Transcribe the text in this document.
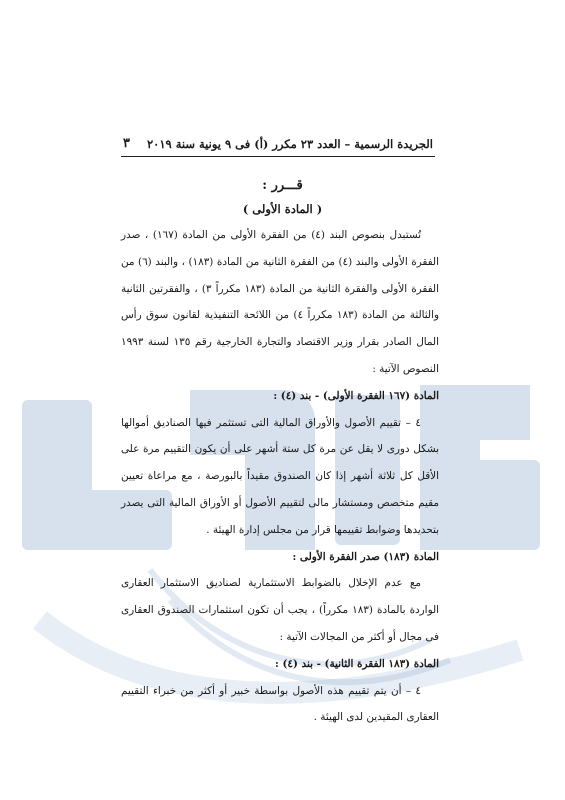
الجريدة الرسمية – العدد ٢٣ مكرر (أ) فى ٩ يونية سنة ٢٠١٩
٣
قـــرر :
( المادة الأولى )

تُستبدل بنصوص البند (٤) من الفقرة الأولى من المادة (١٦٧) ، صدر الفقرة الأولى والبند (٤) من الفقرة الثانية من المادة (١٨٣) ، والبند (٦) من الفقرة الأولى والفقرة الثانية من المادة (١٨٣ مكرراً ٣) ، والفقرتين الثانية والثالثة من المادة (١٨٣ مكرراً ٤) من اللائحة التنفيذية لقانون سوق رأس المال الصادر بقرار وزير الاقتصاد والتجارة الخارجية رقم ١٣٥ لسنة ١٩٩٣ النصوص الآتية :

المادة (١٦٧ الفقرة الأولى) - بند (٤) :

٤ – تقييم الأصول والأوراق المالية التى تستثمر فيها الصناديق أموالها بشكل دورى لا يقل عن مرة كل ستة أشهر على أن يكون التقييم مرة على الأقل كل ثلاثة أشهر إذا كان الصندوق مقيداً بالبورصة ، مع مراعاة تعيين مقيم متخصص ومستشار مالى لتقييم الأصول أو الأوراق المالية التى يصدر بتحديدها وضوابط تقييمها قرار من مجلس إدارة الهيئة .

المادة (١٨٣) صدر الفقرة الأولى :

مع عدم الإخلال بالضوابط الاستثمارية لصناديق الاستثمار العقارى الواردة بالمادة (١٨٣ مكرراً) ، يجب أن تكون استثمارات الصندوق العقارى فى مجال أو أكثر من المجالات الآتية :

المادة (١٨٣ الفقرة الثانية) - بند (٤) :

٤ – أن يتم تقييم هذه الأصول بواسطة خبير أو أكثر من خبراء التقييم العقارى المقيدين لدى الهيئة .
